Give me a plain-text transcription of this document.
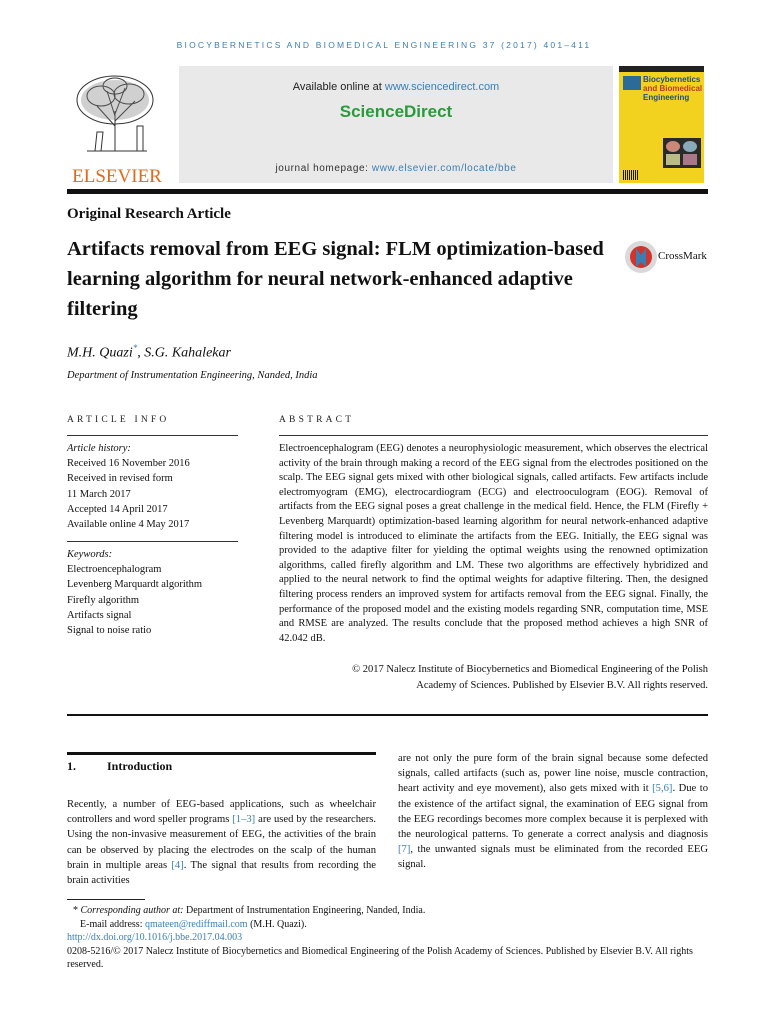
BIOCYBERNETICS AND BIOMEDICAL ENGINEERING 37 (2017) 401–411
ELSEVIER
Available online at www.sciencedirect.com
ScienceDirect
journal homepage: www.elsevier.com/locate/bbe
Biocybernetics
and Biomedical
Engineering
Original Research Article
Artifacts removal from EEG signal: FLM optimization-based learning algorithm for neural network-enhanced adaptive filtering
CrossMark
M.H. Quazi*, S.G. Kahalekar
Department of Instrumentation Engineering, Nanded, India
ARTICLE INFO	ABSTRACT
Article history:
Received 16 November 2016
Received in revised form
11 March 2017
Accepted 14 April 2017
Available online 4 May 2017
Keywords:
Electroencephalogram
Levenberg Marquardt algorithm
Firefly algorithm
Artifacts signal
Signal to noise ratio
Electroencephalogram (EEG) denotes a neurophysiologic measurement, which observes the electrical activity of the brain through making a record of the EEG signal from the electrodes positioned on the scalp. The EEG signal gets mixed with other biological signals, called artifacts. Few artifacts include electromyogram (EMG), electrocardiogram (ECG) and electrooculogram (EOG). Removal of artifacts from the EEG signal poses a great challenge in the medical field. Hence, the FLM (Firefly + Levenberg Marquardt) optimization-based learning algorithm for neural network-enhanced adaptive filtering model is introduced to eliminate the artifacts from the EEG. Initially, the EEG signal was provided to the adaptive filter for yielding the optimal weights using the renowned optimization algorithms, called firefly algorithm and LM. These two algorithms are effectively hybridized and applied to the neural network to find the optimal weights for adaptive filtering. Then, the designed filtering process renders an improved system for artifacts removal from the EEG signal. Finally, the performance of the proposed model and the existing models regarding SNR, computation time, MSE and RMSE are analyzed. The results conclude that the proposed method achieves a high SNR of 42.042 dB.
© 2017 Nalecz Institute of Biocybernetics and Biomedical Engineering of the Polish
Academy of Sciences. Published by Elsevier B.V. All rights reserved.
1.	Introduction
Recently, a number of EEG-based applications, such as wheelchair controllers and word speller programs [1–3] are used by the researchers. Using the non-invasive measurement of EEG, the activities of the brain can be observed by placing the electrodes on the scalp of the human brain in multiple areas [4]. The signal that results from recording the brain activities
are not only the pure form of the brain signal because some defected signals, called artifacts (such as, power line noise, muscle contraction, heart activity and eye movement), also gets mixed with it [5,6]. Due to the existence of the artifact signal, the examination of EEG signal from the EEG recordings becomes more complex because it is perplexed with the neurological patterns. To generate a correct analysis and diagnosis [7], the unwanted signals must be eliminated from the recorded EEG signal.
* Corresponding author at: Department of Instrumentation Engineering, Nanded, India.
E-mail address: qmateen@rediffmail.com (M.H. Quazi).
http://dx.doi.org/10.1016/j.bbe.2017.04.003
0208-5216/© 2017 Nalecz Institute of Biocybernetics and Biomedical Engineering of the Polish Academy of Sciences. Published by Elsevier B.V. All rights reserved.
